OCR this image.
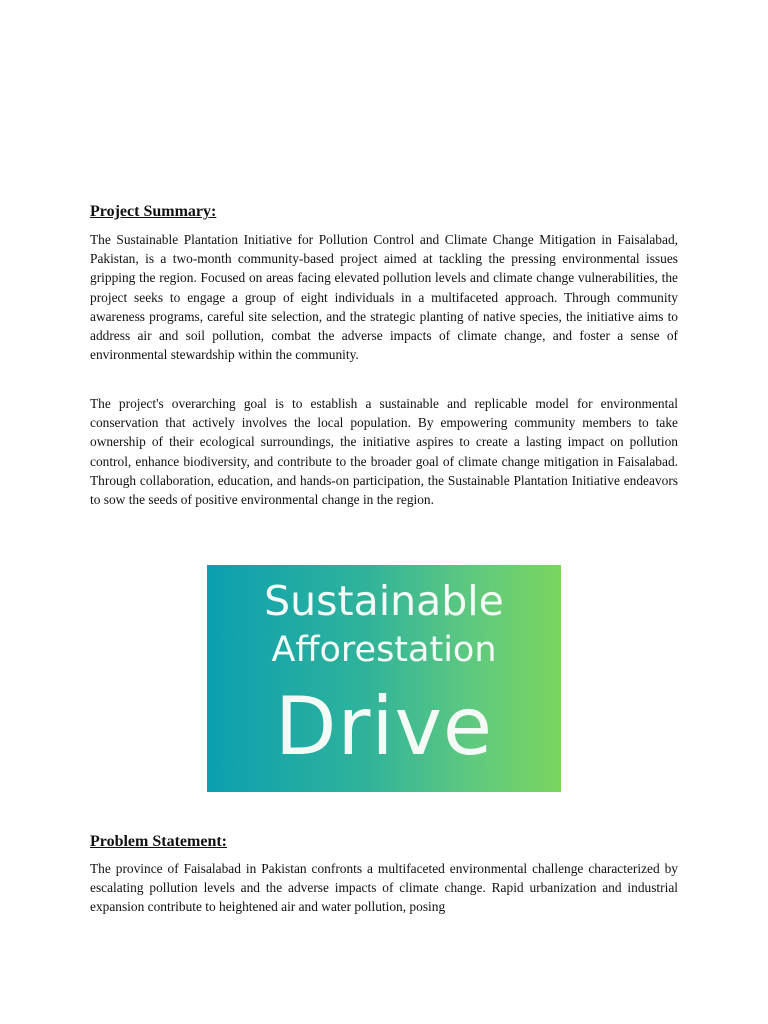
Project Summary:

The Sustainable Plantation Initiative for Pollution Control and Climate Change Mitigation in Faisalabad, Pakistan, is a two-month community-based project aimed at tackling the pressing environmental issues gripping the region. Focused on areas facing elevated pollution levels and climate change vulnerabilities, the project seeks to engage a group of eight individuals in a multifaceted approach. Through community awareness programs, careful site selection, and the strategic planting of native species, the initiative aims to address air and soil pollution, combat the adverse impacts of climate change, and foster a sense of environmental stewardship within the community.

The project's overarching goal is to establish a sustainable and replicable model for environmental conservation that actively involves the local population. By empowering community members to take ownership of their ecological surroundings, the initiative aspires to create a lasting impact on pollution control, enhance biodiversity, and contribute to the broader goal of climate change mitigation in Faisalabad. Through collaboration, education, and hands-on participation, the Sustainable Plantation Initiative endeavors to sow the seeds of positive environmental change in the region.

Problem Statement:

The province of Faisalabad in Pakistan confronts a multifaceted environmental challenge characterized by escalating pollution levels and the adverse impacts of climate change. Rapid urbanization and industrial expansion contribute to heightened air and water pollution, posing

Sustainable
Afforestation
Drive
